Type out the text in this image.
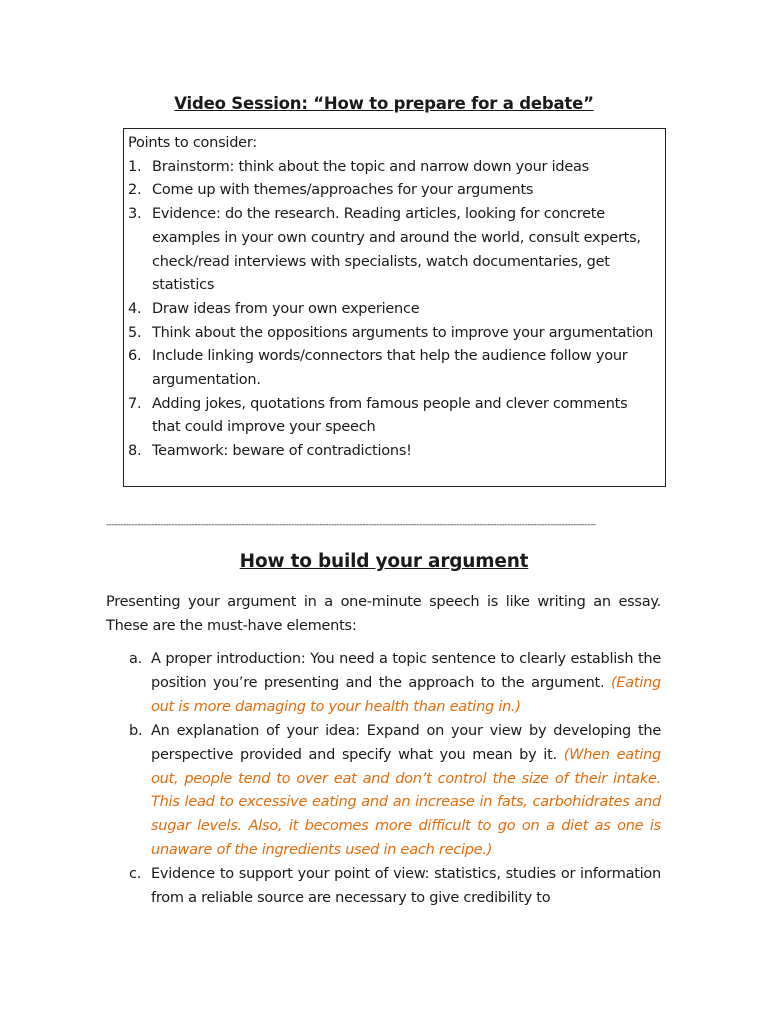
Video Session: “How to prepare for a debate”
Points to consider:
1. Brainstorm: think about the topic and narrow down your ideas
2. Come up with themes/approaches for your arguments
3. Evidence: do the research. Reading articles, looking for concrete examples in your own country and around the world, consult experts, check/read interviews with specialists, watch documentaries, get statistics
4. Draw ideas from your own experience
5. Think about the oppositions arguments to improve your argumentation
6. Include linking words/connectors that help the audience follow your argumentation.
7. Adding jokes, quotations from famous people and clever comments that could improve your speech
8. Teamwork: beware of contradictions!
----------------------------------------------------------------------------------------------------------------------------------------------------------------------------
How to build your argument
Presenting your argument in a one-minute speech is like writing an essay. These are the must-have elements:
a. A proper introduction: You need a topic sentence to clearly establish the position you’re presenting and the approach to the argument. (Eating out is more damaging to your health than eating in.)
b. An explanation of your idea: Expand on your view by developing the perspective provided and specify what you mean by it. (When eating out, people tend to over eat and don’t control the size of their intake. This lead to excessive eating and an increase in fats, carbohidrates and sugar levels. Also, it becomes more difficult to go on a diet as one is unaware of the ingredients used in each recipe.)
c. Evidence to support your point of view: statistics, studies or information from a reliable source are necessary to give credibility to
